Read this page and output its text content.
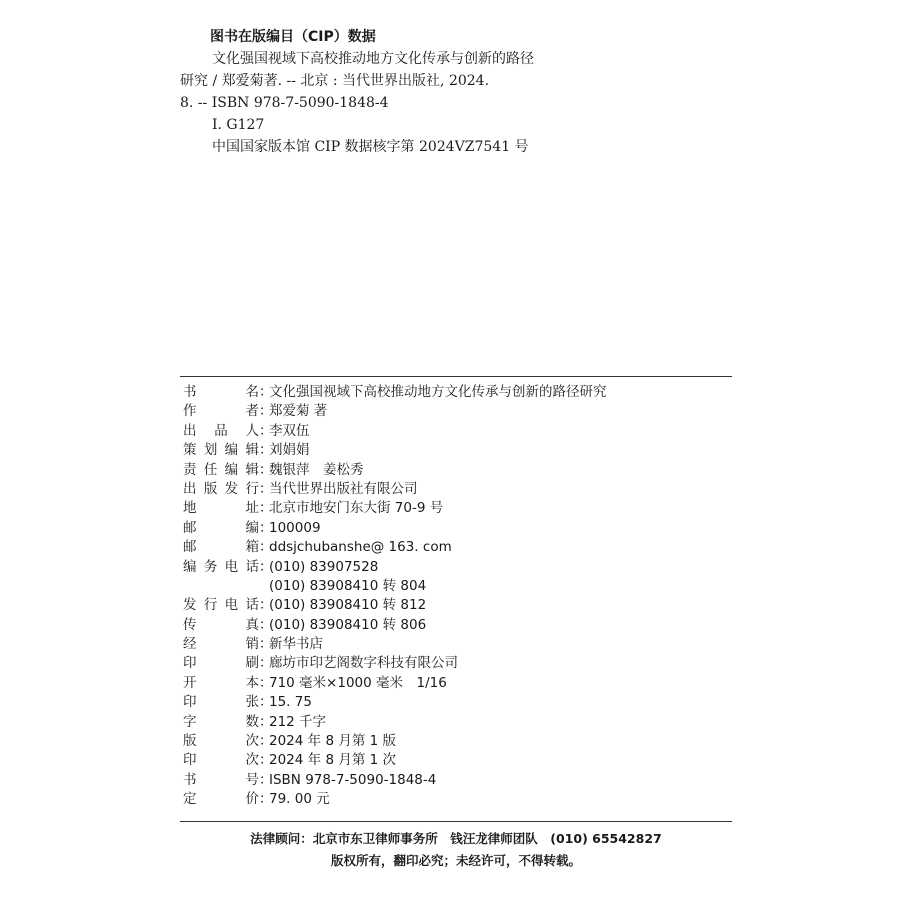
图书在版编目（CIP）数据
文化强国视域下高校推动地方文化传承与创新的路径
研究 / 郑爱菊著. -- 北京 : 当代世界出版社, 2024.
8. -- ISBN 978-7-5090-1848-4
Ⅰ. G127
中国国家版本馆 CIP 数据核字第 2024VZ7541 号
书　　名 ：
文化强国视域下高校推动地方文化传承与创新的路径研究
作　　者 ：
郑爱菊 著
出 品 人 ：
李双伍
策划编辑 ：
刘娟娟
责任编辑 ：
魏银萍　姜松秀
出版发行 ：
当代世界出版社有限公司
地　　址 ：
北京市地安门东大街 70-9 号
邮　　编 ：
100009
邮　　箱 ：
ddsjchubanshe@ 163. com
编务电话 ：
(010) 83907528
(010) 83908410 转 804
发行电话 ：
(010) 83908410 转 812
传　　真 ：
(010) 83908410 转 806
经　　销 ：
新华书店
印　　刷 ：
廊坊市印艺阁数字科技有限公司
开　　本 ：
710 毫米×1000 毫米　1/16
印　　张 ：
15. 75
字　　数 ：
212 千字
版　　次 ：
2024 年 8 月第 1 版
印　　次 ：
2024 年 8 月第 1 次
书　　号 ：
ISBN 978-7-5090-1848-4
定　　价 ：
79. 00 元
法律顾问：北京市东卫律师事务所　钱汪龙律师团队　(010) 65542827
版权所有，翻印必究；未经许可，不得转载。
